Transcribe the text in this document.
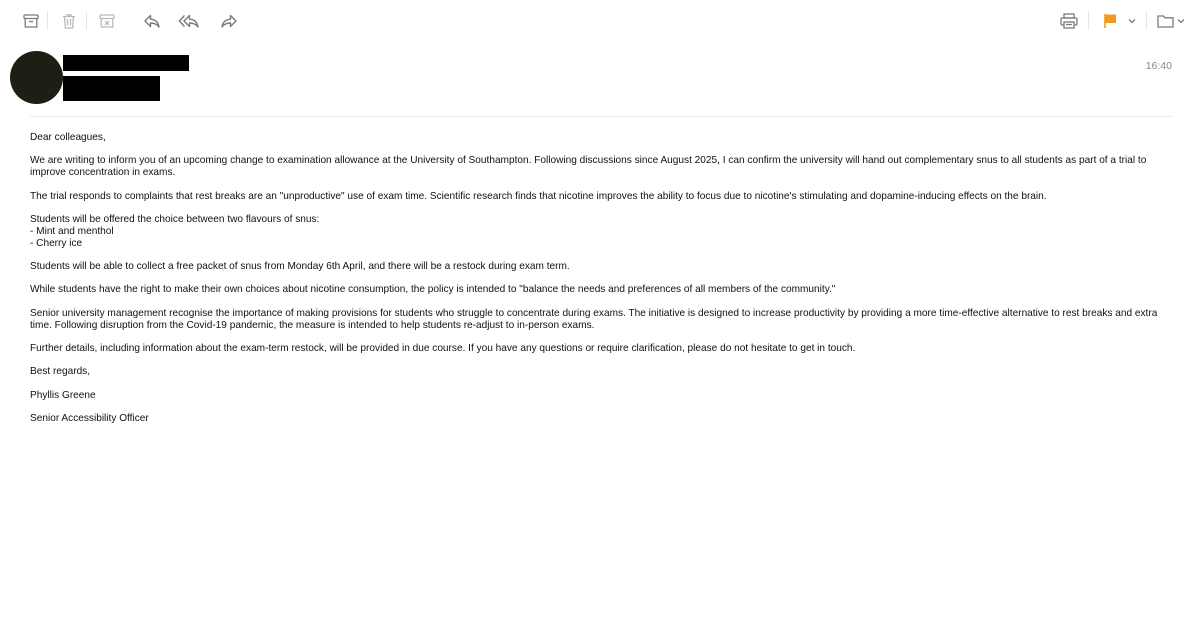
16:40

Dear colleagues,

We are writing to inform you of an upcoming change to examination allowance at the University of Southampton. Following discussions since August 2025, I can confirm the university will hand out complementary snus to all students as part of a trial to improve concentration in exams.

The trial responds to complaints that rest breaks are an "unproductive" use of exam time. Scientific research finds that nicotine improves the ability to focus due to nicotine's stimulating and dopamine-inducing effects on the brain.

Students will be offered the choice between two flavours of snus:

- Mint and menthol

- Cherry ice

Students will be able to collect a free packet of snus from Monday 6th April, and there will be a restock during exam term.

While students have the right to make their own choices about nicotine consumption, the policy is intended to "balance the needs and preferences of all members of the community."

Senior university management recognise the importance of making provisions for students who struggle to concentrate during exams. The initiative is designed to increase productivity by providing a more time-effective alternative to rest breaks and extra time. Following disruption from the Covid-19 pandemic, the measure is intended to help students re-adjust to in-person exams.

Further details, including information about the exam-term restock, will be provided in due course. If you have any questions or require clarification, please do not hesitate to get in touch.

Best regards,

Phyllis Greene

Senior Accessibility Officer
